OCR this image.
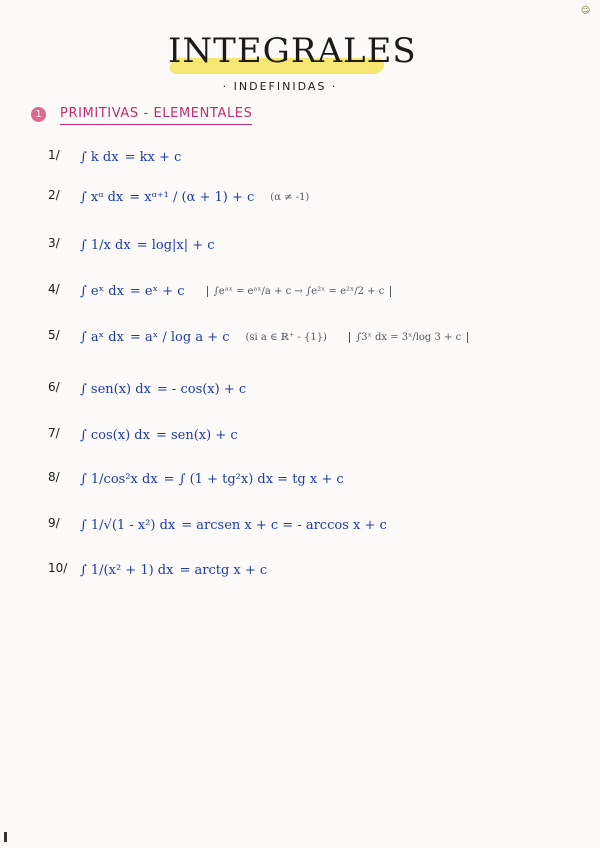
☺
INTEGRALES
· INDEFINIDAS ·
1	PRIMITIVAS - ELEMENTALES
1/	∫ k dx = kx + c
2/	∫ xᵅ dx = xᵅ⁺¹ / (α + 1) + c (α ≠ -1)
3/	∫ 1/x dx = log|x| + c
4/	∫ eˣ dx = eˣ + c	∫eᵃˣ = eᵃˣ/a + c → ∫e²ˣ = e²ˣ/2 + c
5/	∫ aˣ dx = aˣ / log a + c (si a ∈ ℝ⁺ - {1})	∫3ˣ dx = 3ˣ/log 3 + c
6/	∫ sen(x) dx = - cos(x) + c
7/	∫ cos(x) dx = sen(x) + c
8/	∫ 1/cos²x dx = ∫ (1 + tg²x) dx = tg x + c
9/	∫ 1/√(1 - x²) dx = arcsen x + c = - arccos x + c
10/ ∫ 1/(x² + 1) dx = arctg x + c
